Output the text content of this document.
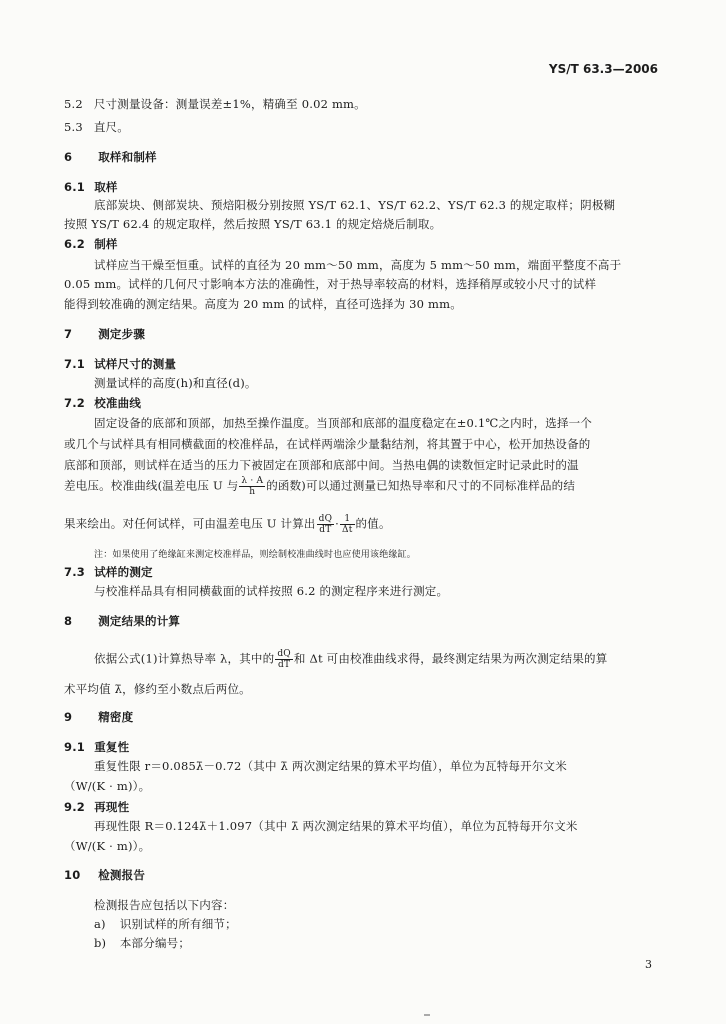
YS/T 63.3—2006
5.2 尺寸测量设备：测量误差±1%，精确至 0.02 mm。
5.3 直尺。
6 取样和制样
6.1 取样
底部炭块、侧部炭块、预焙阳极分别按照 YS/T 62.1、YS/T 62.2、YS/T 62.3 的规定取样；阴极糊
按照 YS/T 62.4 的规定取样，然后按照 YS/T 63.1 的规定焙烧后制取。
6.2 制样
试样应当干燥至恒重。试样的直径为 20 mm～50 mm，高度为 5 mm～50 mm，端面平整度不高于
0.05 mm。试样的几何尺寸影响本方法的准确性，对于热导率较高的材料，选择稍厚或较小尺寸的试样
能得到较准确的测定结果。高度为 20 mm 的试样，直径可选择为 30 mm。
7 测定步骤
7.1 试样尺寸的测量
测量试样的高度(h)和直径(d)。
7.2 校准曲线
固定设备的底部和顶部，加热至操作温度。当顶部和底部的温度稳定在±0.1℃之内时，选择一个
或几个与试样具有相同横截面的校准样品，在试样两端涂少量黏结剂，将其置于中心，松开加热设备的
底部和顶部，则试样在适当的压力下被固定在顶部和底部中间。当热电偶的读数恒定时记录此时的温
差电压。校准曲线(温差电压 U 与 $\frac{\lambda \cdot A}{h}$ 的函数)可以通过测量已知热导率和尺寸的不同标准样品的结
果来绘出。对任何试样，可由温差电压 U 计算出 $\frac{dQ}{dT} \cdot \frac{1}{\Delta t}$ 的值。
注：如果使用了绝缘缸来测定校准样品，则绘制校准曲线时也应使用该绝缘缸。
7.3 试样的测定
与校准样品具有相同横截面的试样按照 6.2 的测定程序来进行测定。
8 测定结果的计算
依据公式(1)计算热导率 λ，其中的 $\frac{dQ}{dT}$ 和 Δt 可由校准曲线求得，最终测定结果为两次测定结果的算
术平均值 λ̄，修约至小数点后两位。
9 精密度
9.1 重复性
重复性限 r＝0.085λ̄－0.72（其中 λ̄ 两次测定结果的算术平均值），单位为瓦特每开尔文米
（W/(K · m)）。
9.2 再现性
再现性限 R＝0.124λ̄＋1.097（其中 λ̄ 两次测定结果的算术平均值），单位为瓦特每开尔文米
（W/(K · m)）。
10 检测报告
检测报告应包括以下内容：
a) 识别试样的所有细节；
b) 本部分编号；
3
